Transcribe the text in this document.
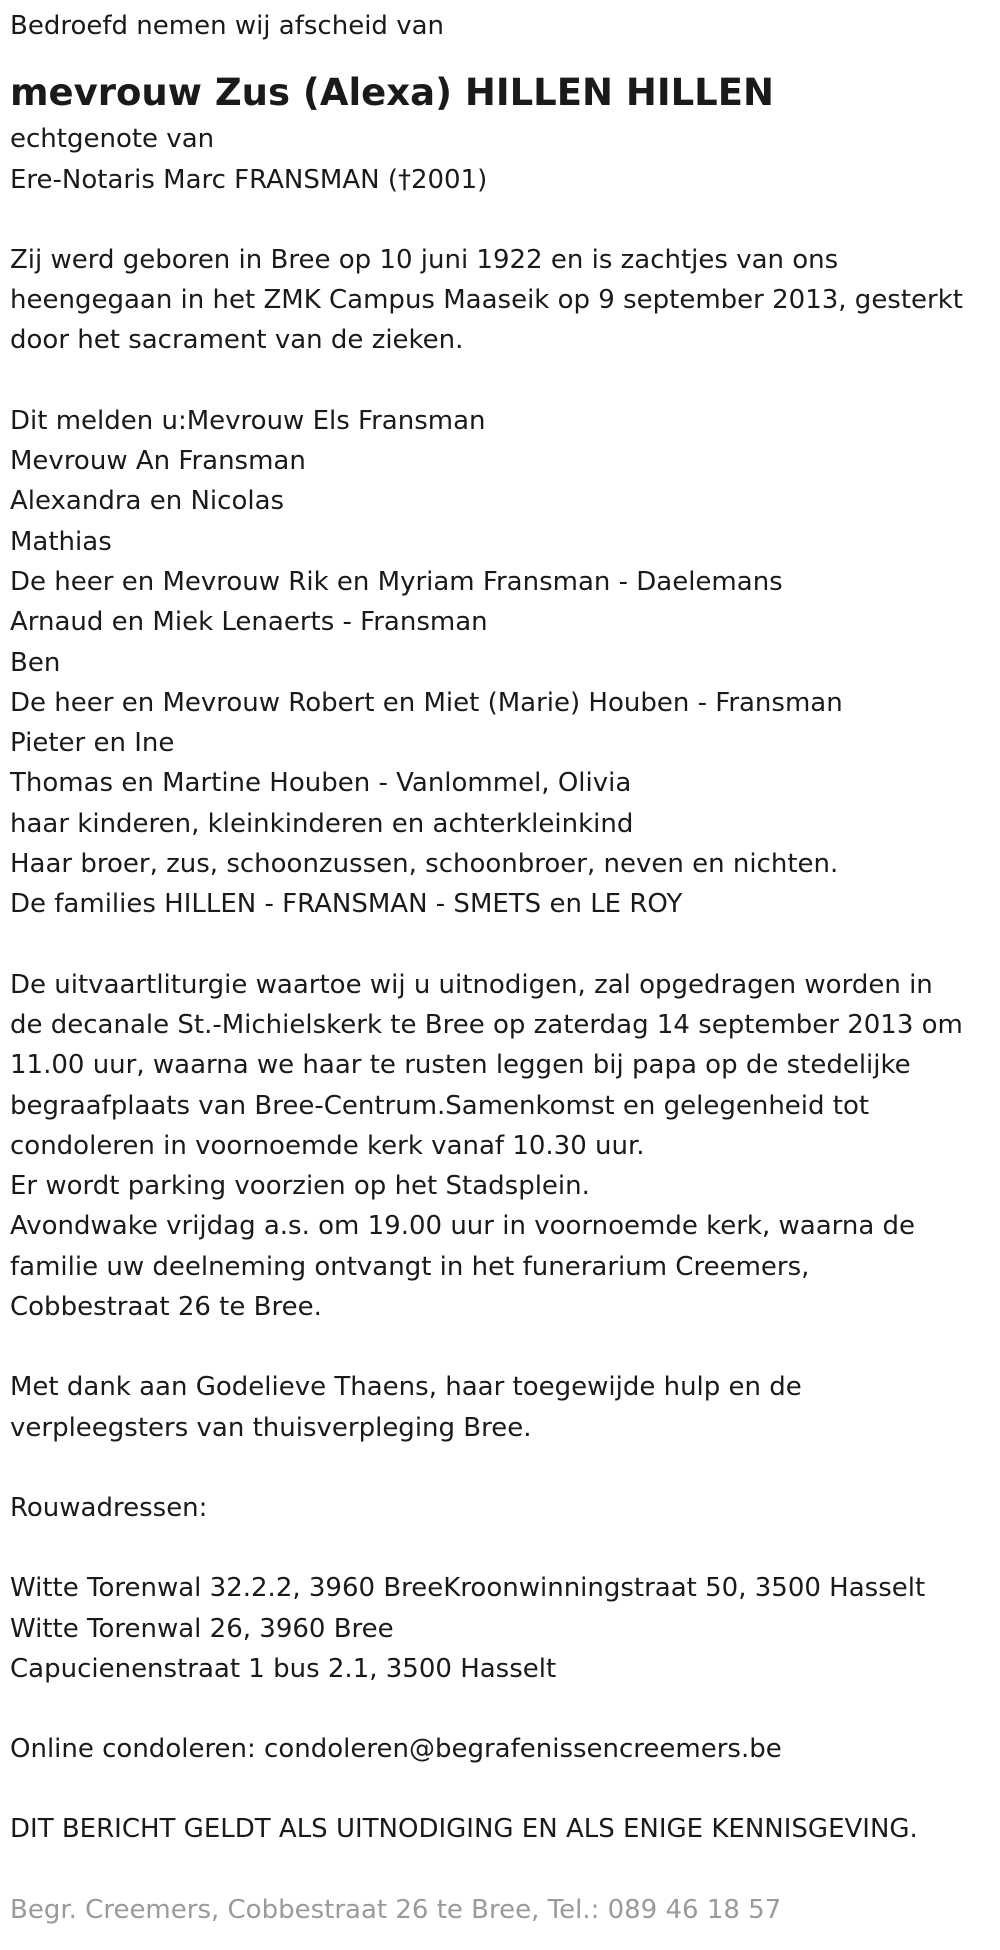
Bedroefd nemen wij afscheid van
mevrouw Zus (Alexa) HILLEN HILLEN
echtgenote van
Ere-Notaris Marc FRANSMAN (†2001)
Zij werd geboren in Bree op 10 juni 1922 en is zachtjes van ons
heengegaan in het ZMK Campus Maaseik op 9 september 2013, gesterkt
door het sacrament van de zieken.
Dit melden u:Mevrouw Els Fransman
Mevrouw An Fransman
Alexandra en Nicolas
Mathias
De heer en Mevrouw Rik en Myriam Fransman - Daelemans
Arnaud en Miek Lenaerts - Fransman
Ben
De heer en Mevrouw Robert en Miet (Marie) Houben - Fransman
Pieter en Ine
Thomas en Martine Houben - Vanlommel, Olivia
haar kinderen, kleinkinderen en achterkleinkind
Haar broer, zus, schoonzussen, schoonbroer, neven en nichten.
De families HILLEN - FRANSMAN - SMETS en LE ROY
De uitvaartliturgie waartoe wij u uitnodigen, zal opgedragen worden in
de decanale St.-Michielskerk te Bree op zaterdag 14 september 2013 om
11.00 uur, waarna we haar te rusten leggen bij papa op de stedelijke
begraafplaats van Bree-Centrum.Samenkomst en gelegenheid tot
condoleren in voornoemde kerk vanaf 10.30 uur.
Er wordt parking voorzien op het Stadsplein.
Avondwake vrijdag a.s. om 19.00 uur in voornoemde kerk, waarna de
familie uw deelneming ontvangt in het funerarium Creemers,
Cobbestraat 26 te Bree.
Met dank aan Godelieve Thaens, haar toegewijde hulp en de
verpleegsters van thuisverpleging Bree.
Rouwadressen:
Witte Torenwal 32.2.2, 3960 BreeKroonwinningstraat 50, 3500 Hasselt
Witte Torenwal 26, 3960 Bree
Capucienenstraat 1 bus 2.1, 3500 Hasselt
Online condoleren: condoleren@begrafenissencreemers.be
DIT BERICHT GELDT ALS UITNODIGING EN ALS ENIGE KENNISGEVING.
Begr. Creemers, Cobbestraat 26 te Bree, Tel.: 089 46 18 57
